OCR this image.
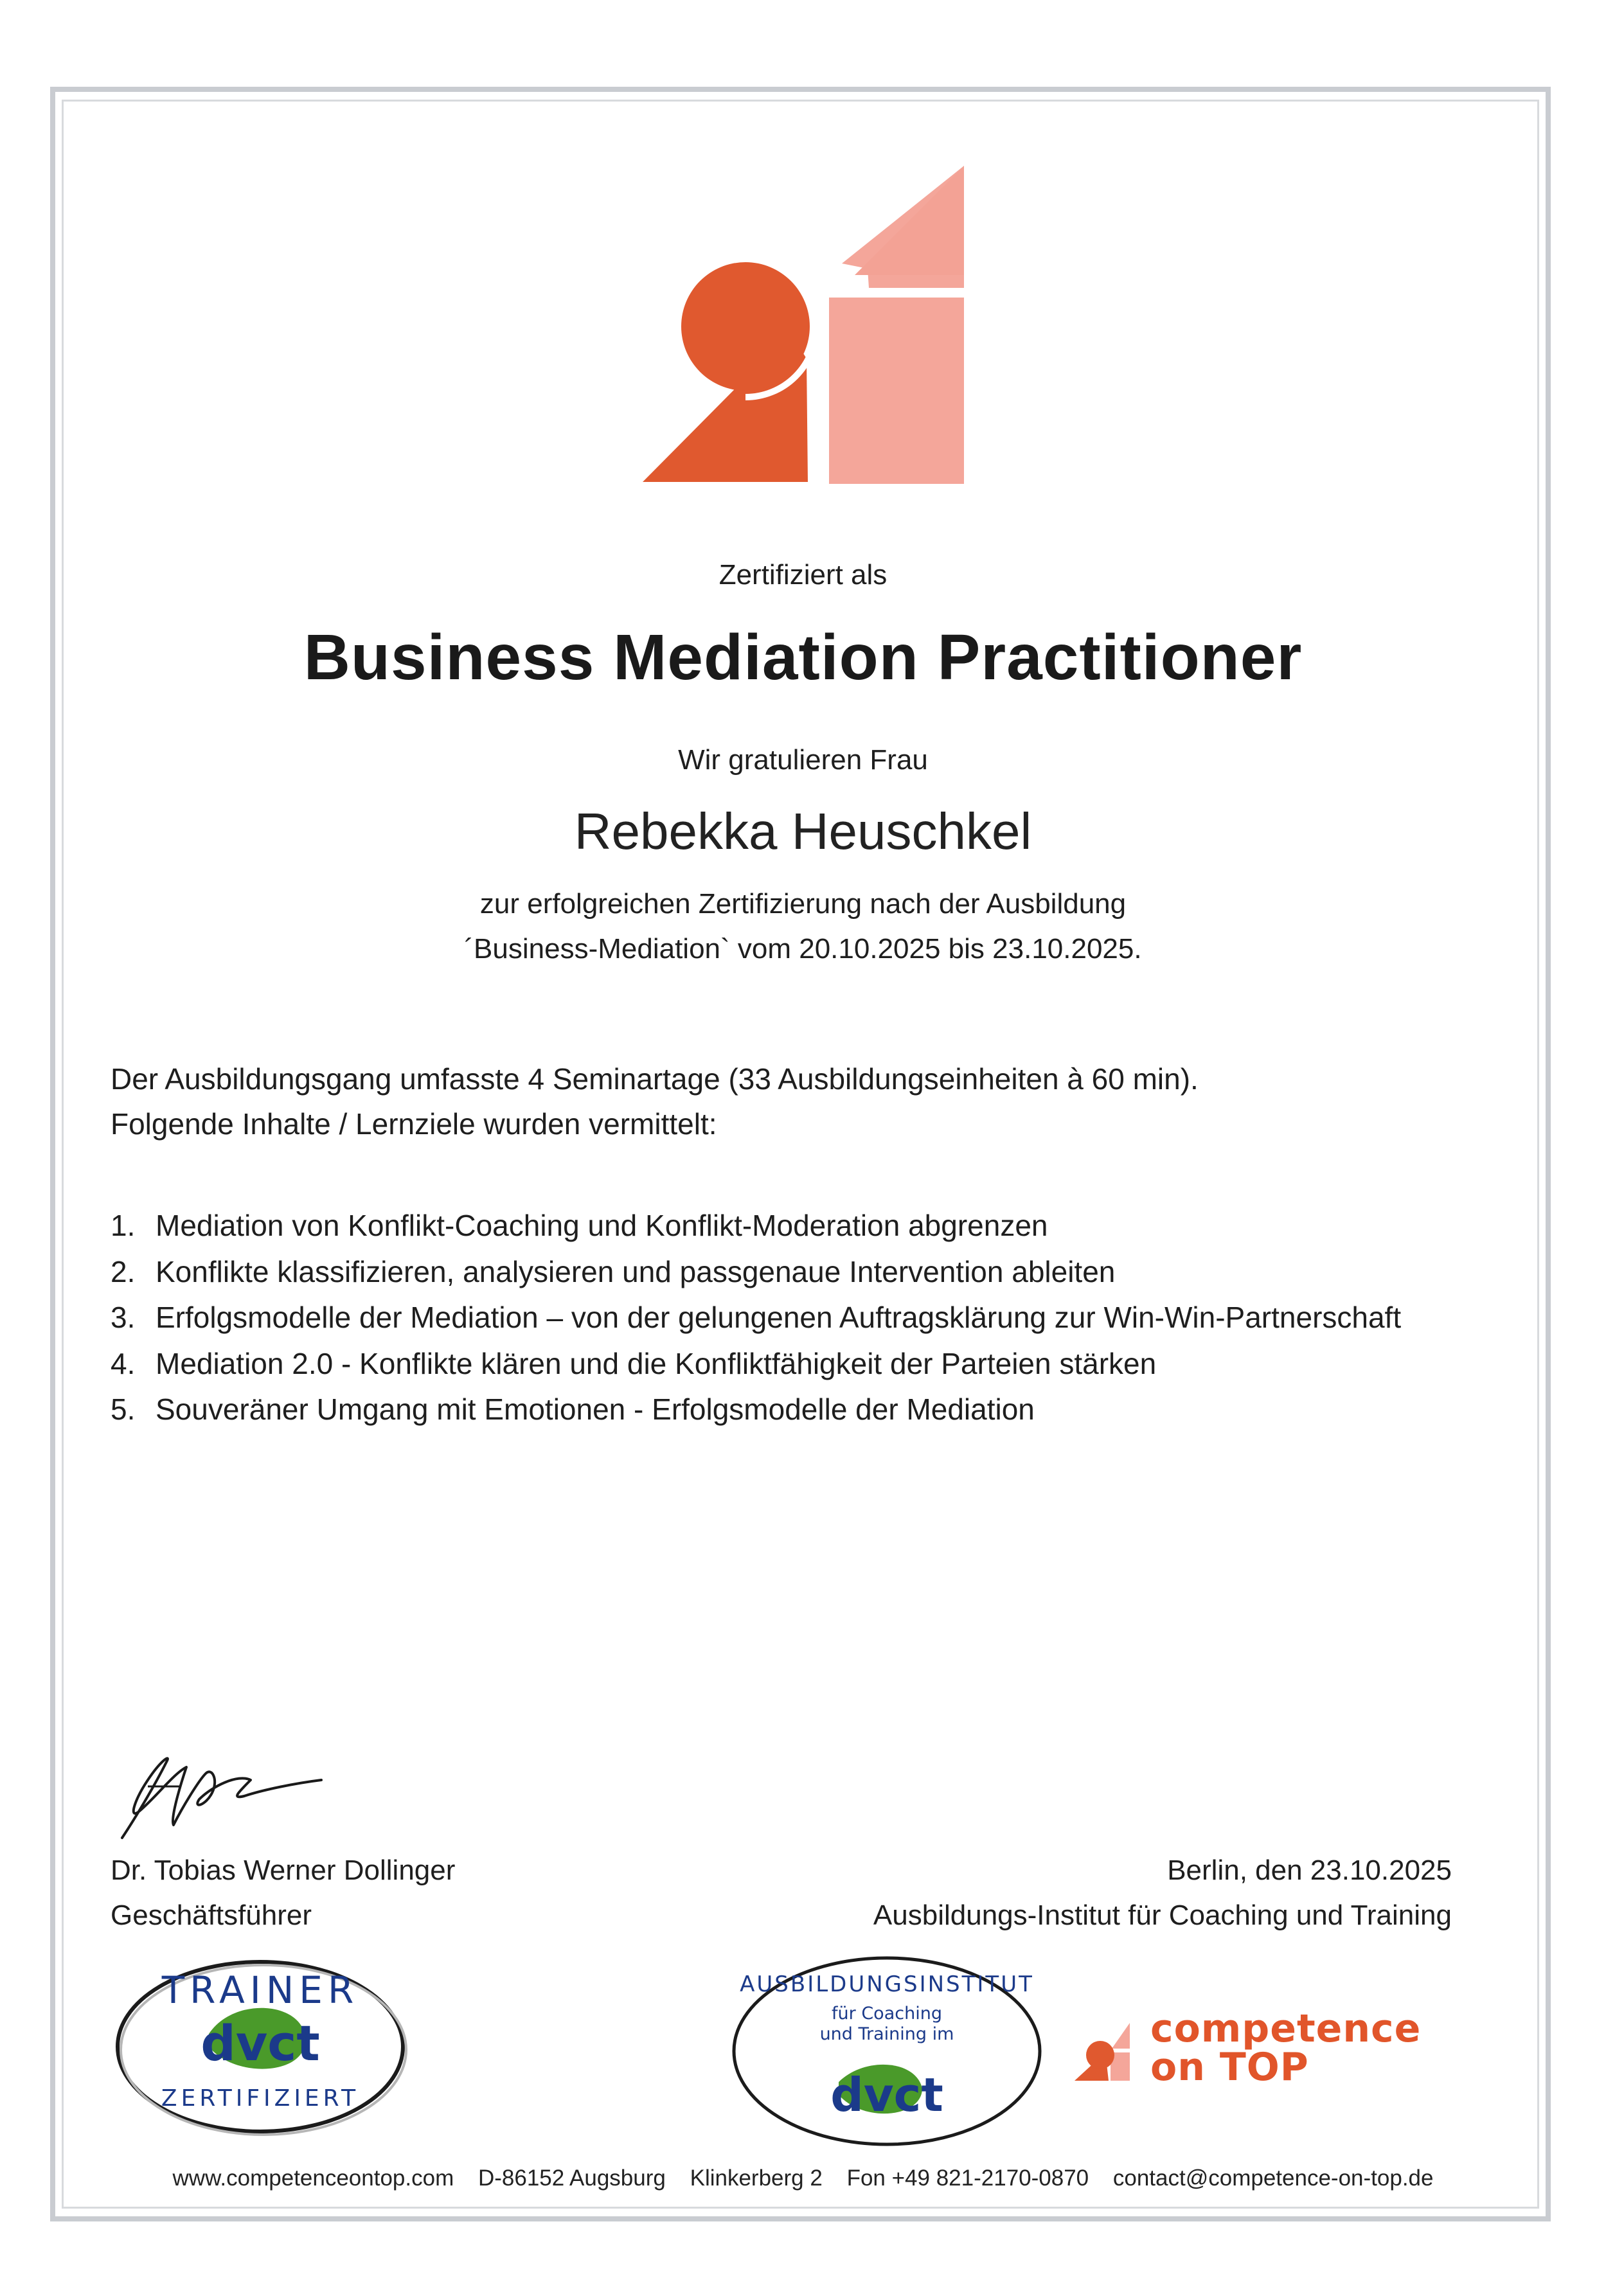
Zertifiziert als
Business Mediation Practitioner
Wir gratulieren Frau
Rebekka Heuschkel
zur erfolgreichen Zertifizierung nach der Ausbildung
´Business-Mediation` vom 20.10.2025 bis 23.10.2025.
Der Ausbildungsgang umfasste 4 Seminartage (33 Ausbildungseinheiten à 60 min).
Folgende Inhalte / Lernziele wurden vermittelt:
1. Mediation von Konflikt-Coaching und Konflikt-Moderation abgrenzen
2. Konflikte klassifizieren, analysieren und passgenaue Intervention ableiten
3. Erfolgsmodelle der Mediation – von der gelungenen Auftragsklärung zur Win-Win-Partnerschaft
4. Mediation 2.0 - Konflikte klären und die Konfliktfähigkeit der Parteien stärken
5. Souveräner Umgang mit Emotionen - Erfolgsmodelle der Mediation
Dr. Tobias Werner Dollinger
Geschäftsführer
Berlin, den 23.10.2025
Ausbildungs-Institut für Coaching und Training
TRAINER
dvct
ZERTIFIZIERT
AUSBILDUNGSINSTITUT
für Coaching
und Training im
dvct
competence
on TOP
www.competenceontop.com D-86152 Augsburg Klinkerberg 2 Fon +49 821-2170-0870 contact@competence-on-top.de
